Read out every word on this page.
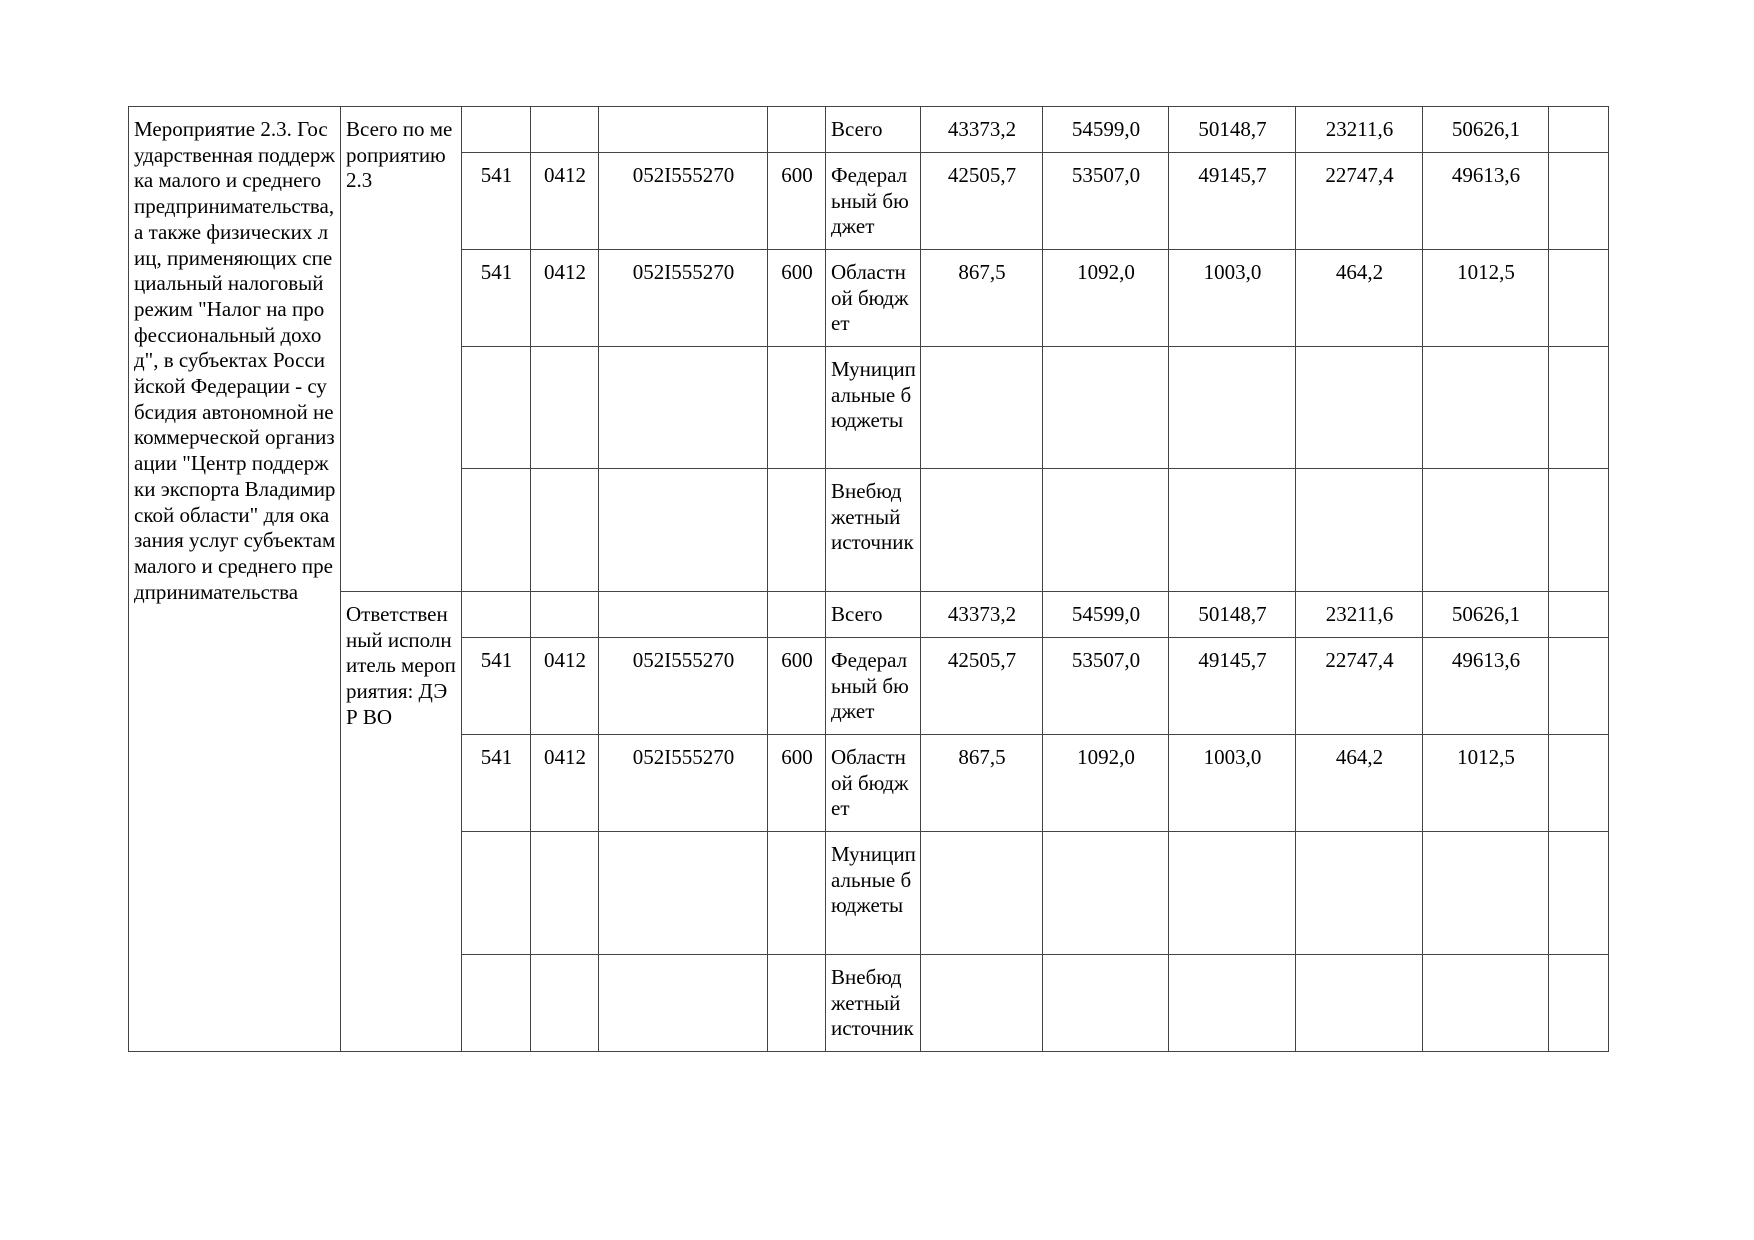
Мероприятие 2.3. Государственная поддержка малого и среднего предпринимательства, а также физических лиц, применяющих специальный налоговый режим "Налог на профессиональный доход", в субъектах Российской Федерации - субсидия автономной некоммерческой организации "Центр поддержки экспорта Владимирской области" для оказания услуг субъектам малого и среднего предпринимательства	Всего по мероприятию 2.3					Всего	43373,2	54599,0	50148,7	23211,6	50626,1	
		541	0412	052I555270	600	Федеральный бюджет	42505,7	53507,0	49145,7	22747,4	49613,6	
		541	0412	052I555270	600	Областной бюджет	867,5	1092,0	1003,0	464,2	1012,5	
						Муниципальные бюджеты						
						Внебюджетный источник						
	Ответственный исполнитель мероприятия: ДЭР ВО					Всего	43373,2	54599,0	50148,7	23211,6	50626,1	
		541	0412	052I555270	600	Федеральный бюджет	42505,7	53507,0	49145,7	22747,4	49613,6	
		541	0412	052I555270	600	Областной бюджет	867,5	1092,0	1003,0	464,2	1012,5	
						Муниципальные бюджеты						
						Внебюджетный источник						
